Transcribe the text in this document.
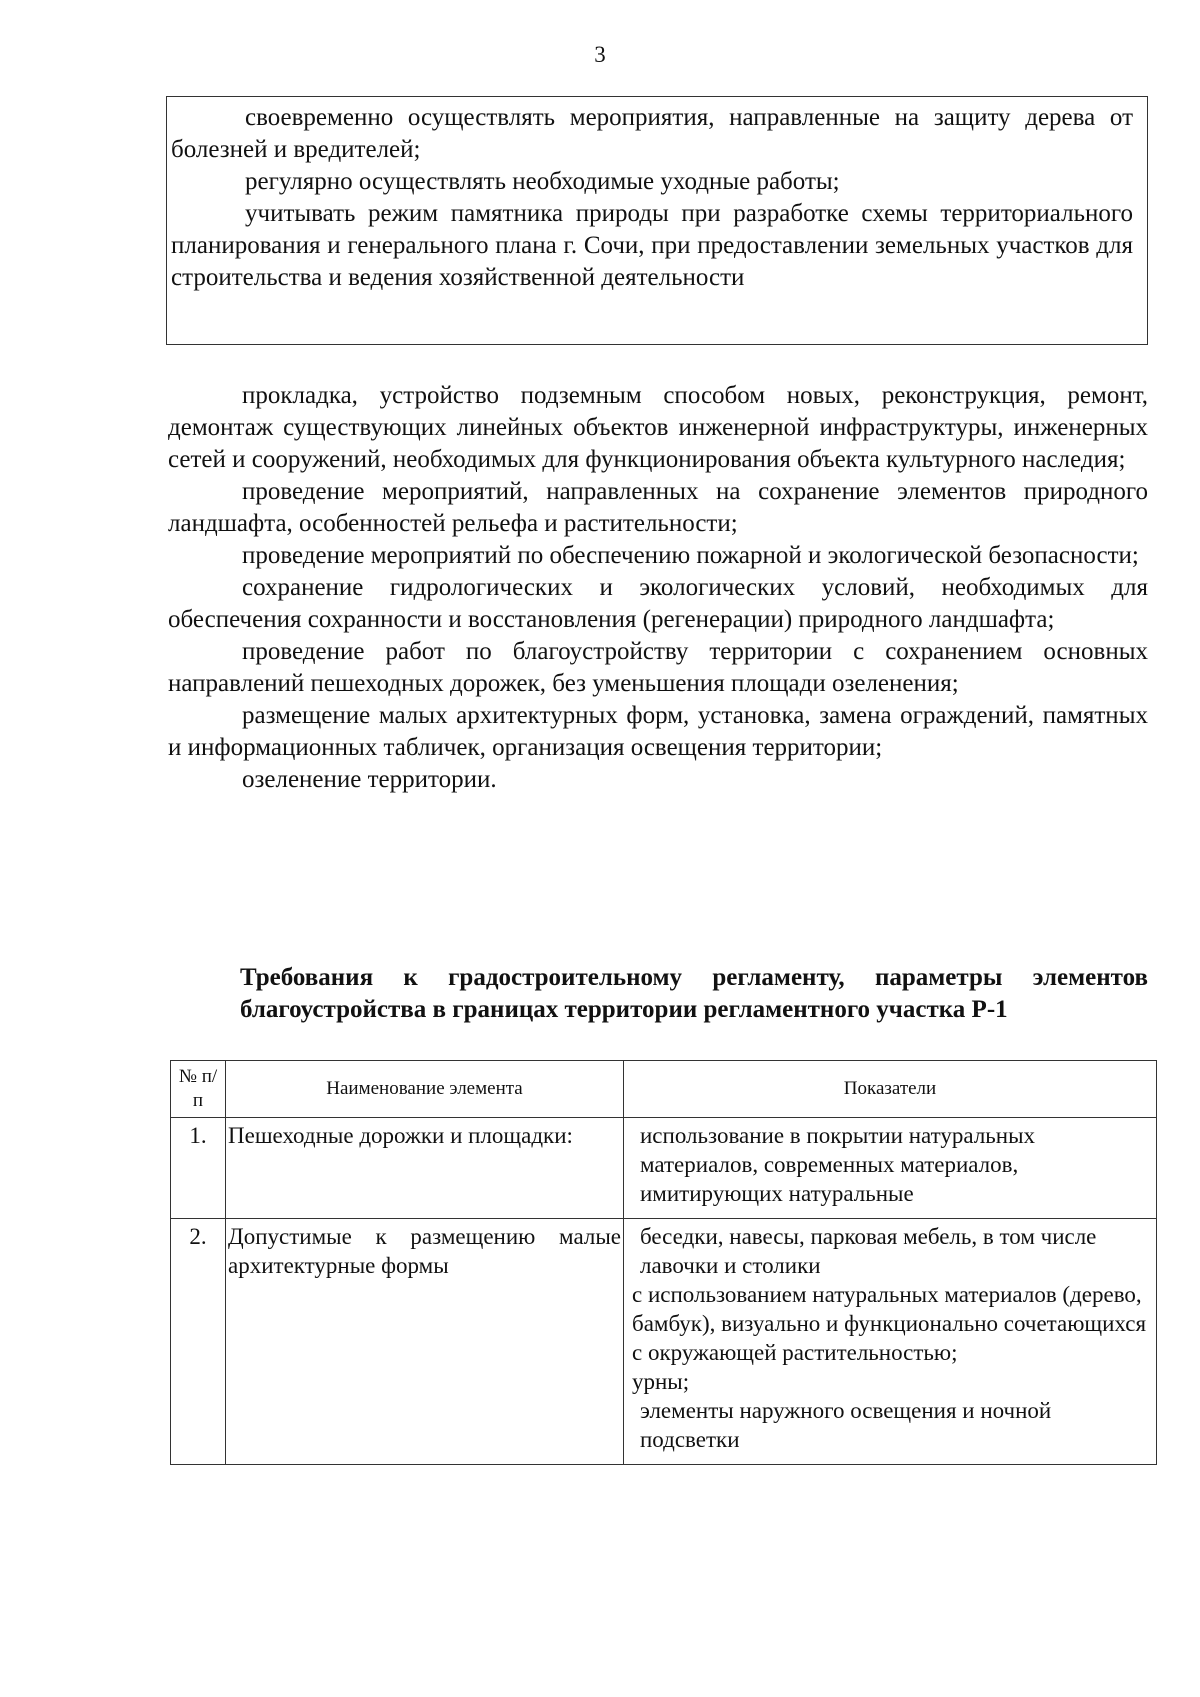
3

своевременно осуществлять мероприятия, направленные на защиту дерева от болезней и вредителей;

регулярно осуществлять необходимые уходные работы;

учитывать режим памятника природы при разработке схемы территориального планирования и генерального плана г. Сочи, при предоставлении земельных участков для строительства и ведения хозяйственной деятельности

прокладка, устройство подземным способом новых, реконструкция, ремонт, демонтаж существующих линейных объектов инженерной инфраструктуры, инженерных сетей и сооружений, необходимых для функционирования объекта культурного наследия;

проведение мероприятий, направленных на сохранение элементов природного ландшафта, особенностей рельефа и растительности;

проведение мероприятий по обеспечению пожарной и экологической безопасности;

сохранение гидрологических и экологических условий, необходимых для обеспечения сохранности и восстановления (регенерации) природного ландшафта;

проведение работ по благоустройству территории с сохранением основных направлений пешеходных дорожек, без уменьшения площади озеленения;

размещение малых архитектурных форм, установка, замена ограждений, памятных и информационных табличек, организация освещения территории;

озеленение территории.

Требования к градостроительному регламенту, параметры элементов благоустройства в границах территории регламентного участка Р-1
№ п/п	Наименование элемента	Показатели
1.	Пешеходные дорожки и площадки:	использование в покрытии натуральных материалов, современных материалов, имитирующих натуральные

2.	Допустимые к размещению малые архитектурные формы	беседки, навесы, парковая мебель, в том числе лавочки и столики
с использованием натуральных материалов (дерево, бамбук), визуально и функционально сочетающихся с окружающей растительностью;
урны;
элементы наружного освещения и ночной подсветки
